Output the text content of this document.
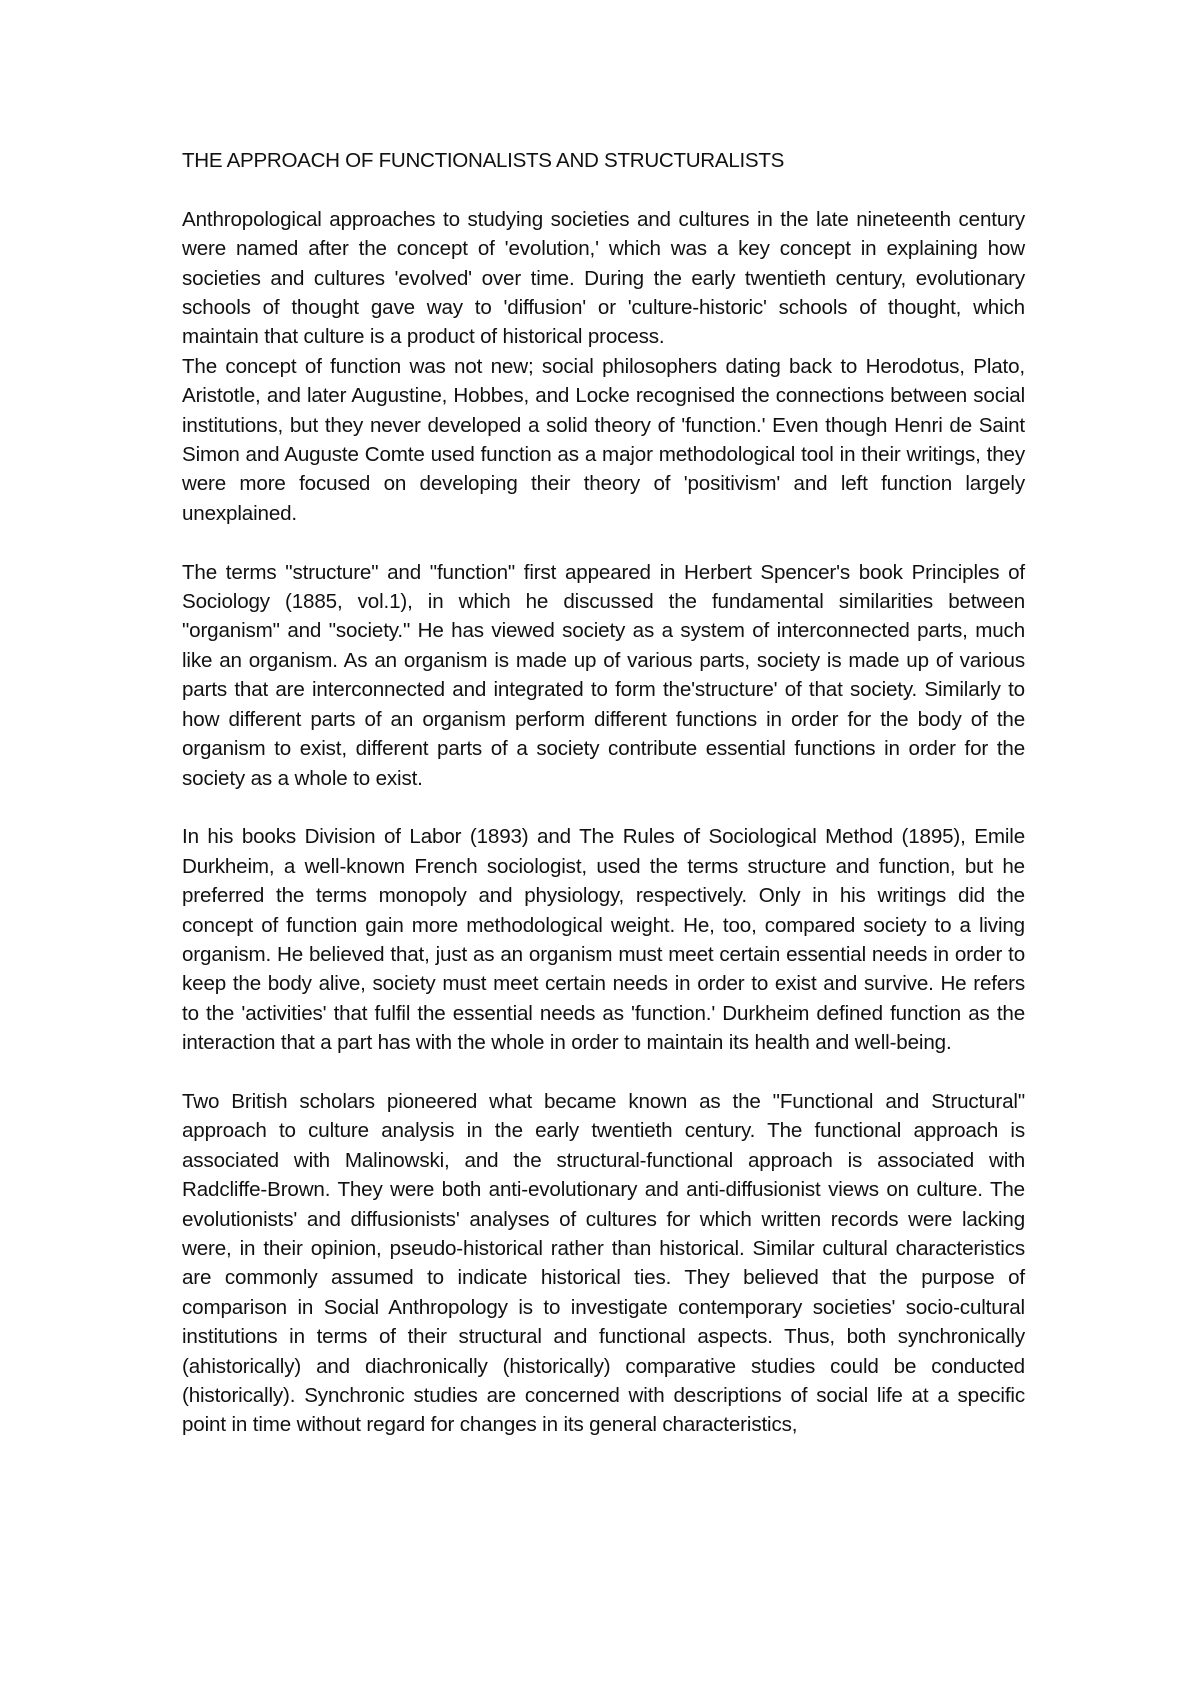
THE APPROACH OF FUNCTIONALISTS AND STRUCTURALISTS

Anthropological approaches to studying societies and cultures in the late nineteenth century were named after the concept of 'evolution,' which was a key concept in explaining how societies and cultures 'evolved' over time. During the early twentieth century, evolutionary schools of thought gave way to 'diffusion' or 'culture-historic' schools of thought, which maintain that culture is a product of historical process.

The concept of function was not new; social philosophers dating back to Herodotus, Plato, Aristotle, and later Augustine, Hobbes, and Locke recognised the connections between social institutions, but they never developed a solid theory of 'function.' Even though Henri de Saint Simon and Auguste Comte used function as a major methodological tool in their writings, they were more focused on developing their theory of 'positivism' and left function largely unexplained.

The terms "structure" and "function" first appeared in Herbert Spencer's book Principles of Sociology (1885, vol.1), in which he discussed the fundamental similarities between "organism" and "society." He has viewed society as a system of interconnected parts, much like an organism. As an organism is made up of various parts, society is made up of various parts that are interconnected and integrated to form the'structure' of that society. Similarly to how different parts of an organism perform different functions in order for the body of the organism to exist, different parts of a society contribute essential functions in order for the society as a whole to exist.

In his books Division of Labor (1893) and The Rules of Sociological Method (1895), Emile Durkheim, a well-known French sociologist, used the terms structure and function, but he preferred the terms monopoly and physiology, respectively. Only in his writings did the concept of function gain more methodological weight. He, too, compared society to a living organism. He believed that, just as an organism must meet certain essential needs in order to keep the body alive, society must meet certain needs in order to exist and survive. He refers to the 'activities' that fulfil the essential needs as 'function.' Durkheim defined function as the interaction that a part has with the whole in order to maintain its health and well-being.

Two British scholars pioneered what became known as the "Functional and Structural" approach to culture analysis in the early twentieth century. The functional approach is associated with Malinowski, and the structural-functional approach is associated with Radcliffe-Brown. They were both anti-evolutionary and anti-diffusionist views on culture. The evolutionists' and diffusionists' analyses of cultures for which written records were lacking were, in their opinion, pseudo-historical rather than historical. Similar cultural characteristics are commonly assumed to indicate historical ties. They believed that the purpose of comparison in Social Anthropology is to investigate contemporary societies' socio-cultural institutions in terms of their structural and functional aspects. Thus, both synchronically (ahistorically) and diachronically (historically) comparative studies could be conducted (historically). Synchronic studies are concerned with descriptions of social life at a specific point in time without regard for changes in its general characteristics,
